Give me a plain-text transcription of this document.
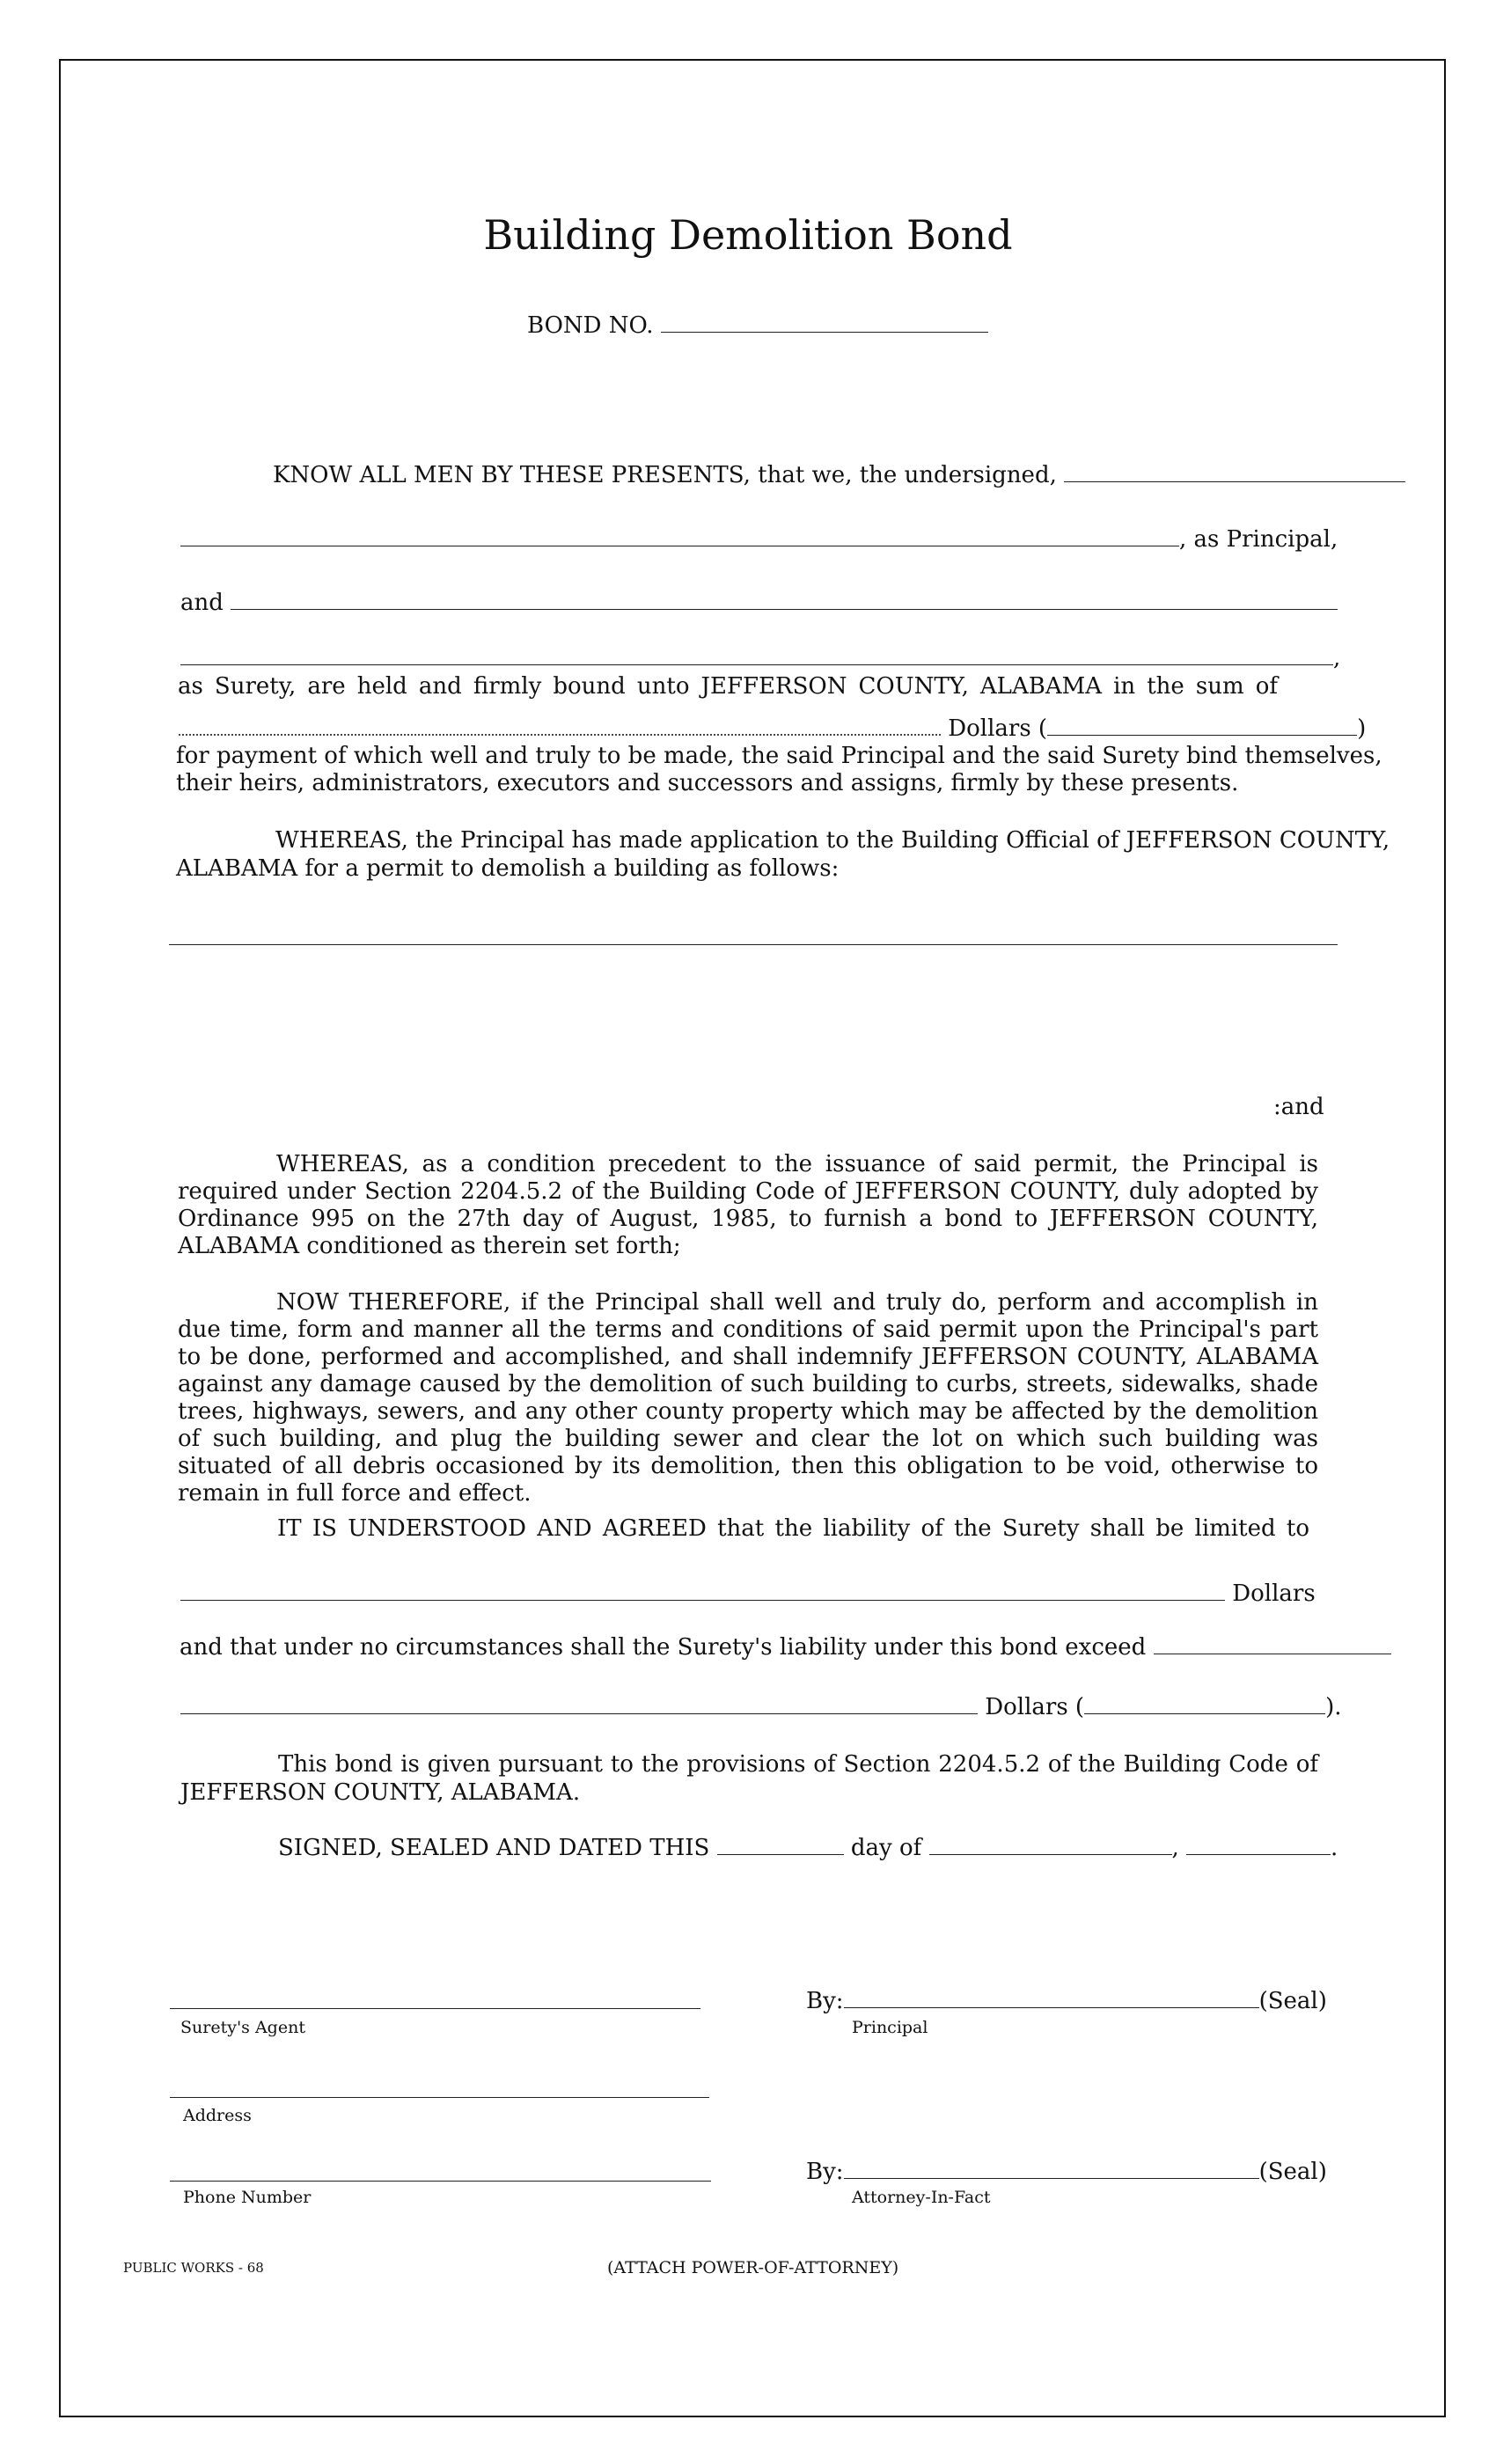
Building Demolition Bond
BOND NO.
KNOW ALL MEN BY THESE PRESENTS, that we, the undersigned,
, as Principal,
and
,
as Surety, are held and firmly bound unto JEFFERSON COUNTY, ALABAMA in the sum of
Dollars (	)
for payment of which well and truly to be made, the said Principal and the said Surety bind themselves,
their heirs, administrators, executors and successors and assigns, firmly by these presents.
WHEREAS, the Principal has made application to the Building Official of JEFFERSON COUNTY,
ALABAMA for a permit to demolish a building as follows:
:and
WHEREAS, as a condition precedent to the issuance of said permit, the Principal is required under Section 2204.5.2 of the Building Code of JEFFERSON COUNTY, duly adopted by Ordinance 995 on the 27th day of August, 1985, to furnish a bond to JEFFERSON COUNTY, ALABAMA conditioned as therein set forth;
NOW THEREFORE, if the Principal shall well and truly do, perform and accomplish in due time, form and manner all the terms and conditions of said permit upon the Principal's part to be done, performed and accomplished, and shall indemnify JEFFERSON COUNTY, ALABAMA against any damage caused by the demolition of such building to curbs, streets, sidewalks, shade trees, highways, sewers, and any other county property which may be affected by the demolition of such building, and plug the building sewer and clear the lot on which such building was situated of all debris occasioned by its demolition, then this obligation to be void, otherwise to remain in full force and effect.
IT IS UNDERSTOOD AND AGREED that the liability of the Surety shall be limited to
Dollars
and that under no circumstances shall the Surety's liability under this bond exceed
Dollars (	).
This bond is given pursuant to the provisions of Section 2204.5.2 of the Building Code of
JEFFERSON COUNTY, ALABAMA.
SIGNED, SEALED AND DATED THIS	day of	,	.
Surety's Agent
By:	(Seal)
Principal
Address
Phone Number
By:	(Seal)
Attorney-In-Fact
PUBLIC WORKS - 68	(ATTACH POWER-OF-ATTORNEY)
